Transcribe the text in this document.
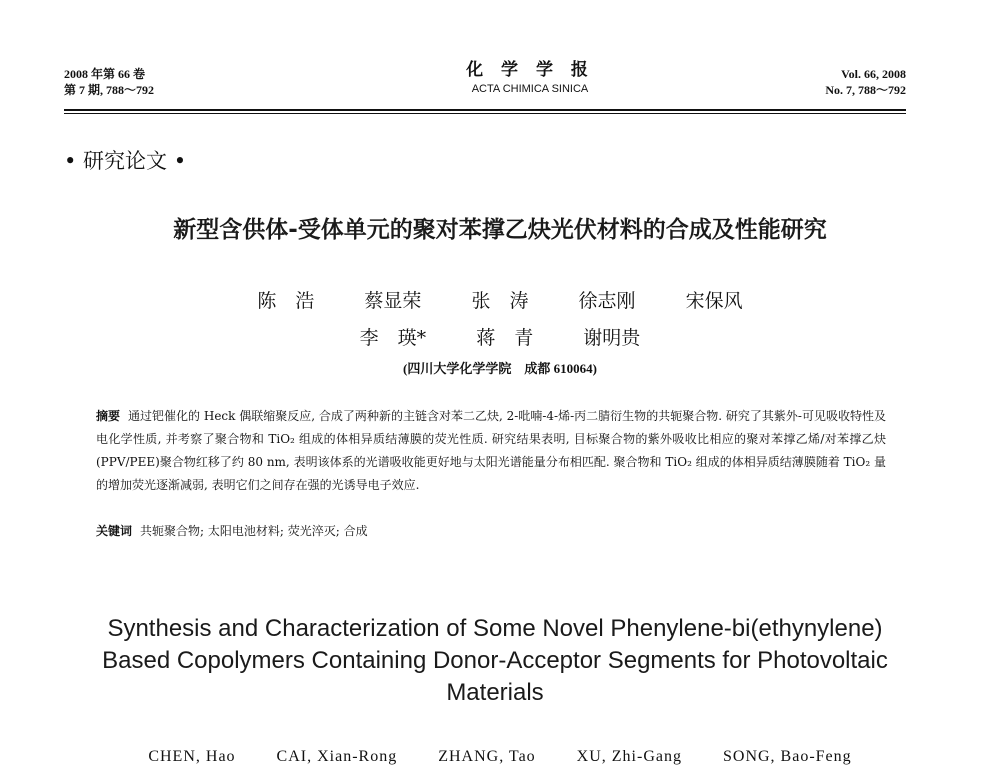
2008 年第 66 卷
第 7 期, 788～792
化 学 学 报
ACTA CHIMICA SINICA
Vol. 66, 2008
No. 7, 788～792
• 研究论文 •
新型含供体-受体单元的聚对苯撑乙炔光伏材料的合成及性能研究
陈　浩	蔡显荣	张　涛	徐志刚	宋保风
李　瑛*	蒋　青	谢明贵
(四川大学化学学院　成都 610064)
摘要 通过钯催化的 Heck 偶联缩聚反应, 合成了两种新的主链含对苯二乙炔, 2-吡喃-4-烯-丙二腈衍生物的共轭聚合物. 研究了其紫外-可见吸收特性及电化学性质, 并考察了聚合物和 TiO₂ 组成的体相异质结薄膜的荧光性质. 研究结果表明, 目标聚合物的紫外吸收比相应的聚对苯撑乙烯/对苯撑乙炔(PPV/PEE)聚合物红移了约 80 nm, 表明该体系的光谱吸收能更好地与太阳光谱能量分布相匹配. 聚合物和 TiO₂ 组成的体相异质结薄膜随着 TiO₂ 量的增加荧光逐渐减弱, 表明它们之间存在强的光诱导电子效应.
关键词 共轭聚合物; 太阳电池材料; 荧光淬灭; 合成
Synthesis and Characterization of Some Novel Phenylene-bi(ethynylene) Based Copolymers Containing Donor-Acceptor Segments for Photovoltaic Materials
CHEN, Hao	CAI, Xian-Rong	ZHANG, Tao	XU, Zhi-Gang	SONG, Bao-Feng
